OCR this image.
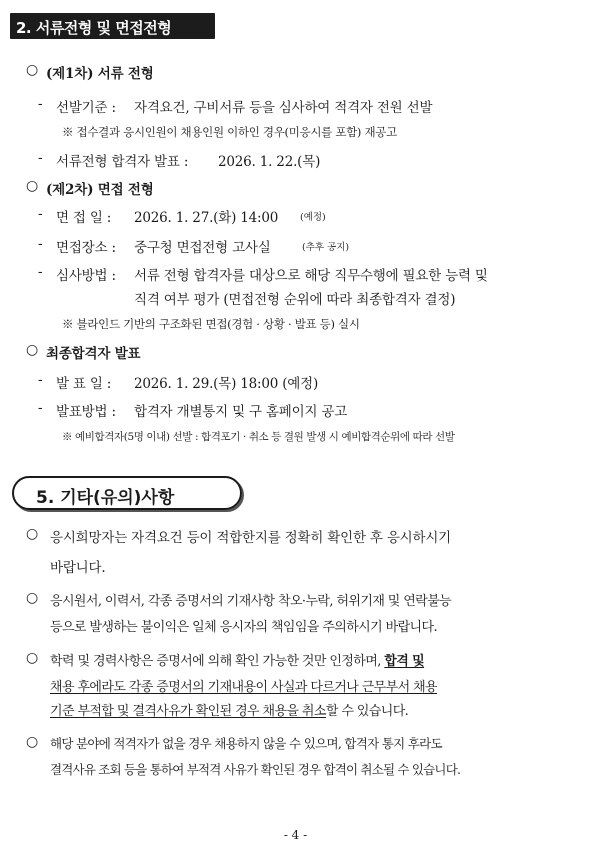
2. 서류전형 및 면접전형
○ (제1차) 서류 전형
- 선발기준 : 자격요건, 구비서류 등을 심사하여 적격자 전원 선발
※ 접수결과 응시인원이 채용인원 이하인 경우(미응시를 포함) 재공고
- 서류전형 합격자 발표 : 2026. 1. 22.(목)
○ (제2차) 면접 전형
- 면 접 일 : 2026. 1. 27.(화) 14:00 (예정)
- 면접장소 : 중구청 면접전형 고사실	(추후 공지)
- 심사방법 : 서류 전형 합격자를 대상으로 해당 직무수행에 필요한 능력 및
직격 여부 평가 (면접전형 순위에 따라 최종합격자 결정)
※ 블라인드 기반의 구조화된 면접(경험 · 상황 · 발표 등) 실시
○ 최종합격자 발표
- 발 표 일 : 2026. 1. 29.(목) 18:00 (예정)
- 발표방법 : 합격자 개별통지 및 구 홈페이지 공고
※ 예비합격자(5명 이내) 선발 : 합격포기 · 취소 등 결원 발생 시 예비합격순위에 따라 선발
5. 기타(유의)사항
○ 응시희망자는 자격요건 등이 적합한지를 정확히 확인한 후 응시하시기
바랍니다.
○ 응시원서, 이력서, 각종 증명서의 기재사항 착오·누락, 허위기재 및 연락불능
등으로 발생하는 불이익은 일체 응시자의 책임임을 주의하시기 바랍니다.
○ 학력 및 경력사항은 증명서에 의해 확인 가능한 것만 인정하며, 합격 및
채용 후에라도 각종 증명서의 기재내용이 사실과 다르거나 근무부서 채용
기준 부적합 및 결격사유가 확인된 경우 채용을 취소할 수 있습니다.
○ 해당 분야에 적격자가 없을 경우 채용하지 않을 수 있으며, 합격자 통지 후라도
결격사유 조회 등을 통하여 부적격 사유가 확인된 경우 합격이 취소될 수 있습니다.
- 4 -
